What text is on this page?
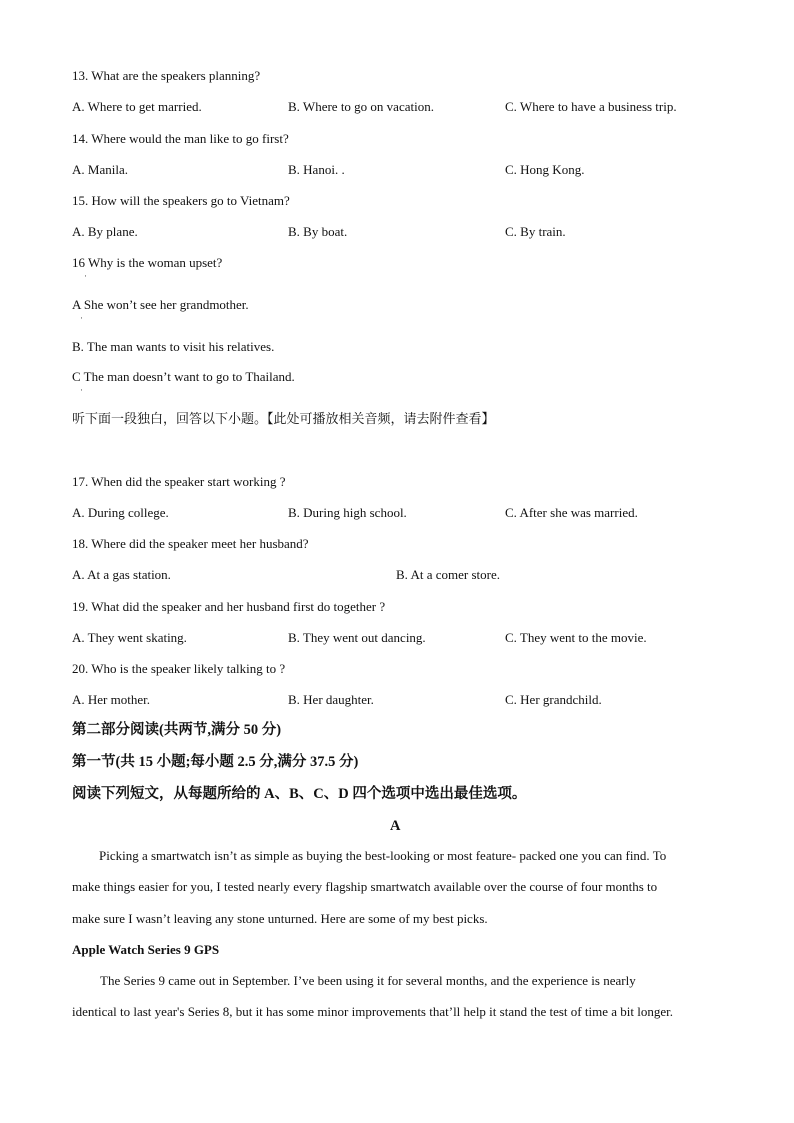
13. What are the speakers planning?
A. Where to get married.	B. Where to go on vacation.	C. Where to have a business trip.
14. Where would the man like to go first?
A. Manila.	B. Hanoi. .	C. Hong Kong.
15. How will the speakers go to Vietnam?
A. By plane.	B. By boat.	C. By train.
16 Why is the woman upset?
·
A She won’t see her grandmother.
·
B. The man wants to visit his relatives.
C The man doesn’t want to go to Thailand.
·
听下面一段独白，回答以下小题。【此处可播放相关音频，请去附件查看】
17. When did the speaker start working ?
A. During college.	B. During high school.	C. After she was married.
18. Where did the speaker meet her husband?
A. At a gas station.	B. At a comer store.
19. What did the speaker and her husband first do together ?
A. They went skating.	B. They went out dancing.	C. They went to the movie.
20. Who is the speaker likely talking to ?
A. Her mother.	B. Her daughter.	C. Her grandchild.
第二部分阅读(共两节,满分 50 分)
第一节(共 15 小题;每小题 2.5 分,满分 37.5 分)
阅读下列短文，从每题所给的 A、B、C、D 四个选项中选出最佳选项。
A
Picking a smartwatch isn’t as simple as buying the best-looking or most feature- packed one you can find. To
make things easier for you, I tested nearly every flagship smartwatch available over the course of four months to
make sure I wasn’t leaving any stone unturned. Here are some of my best picks.
Apple Watch Series 9 GPS
The Series 9 came out in September. I’ve been using it for several months, and the experience is nearly
identical to last year's Series 8, but it has some minor improvements that’ll help it stand the test of time a bit longer.
